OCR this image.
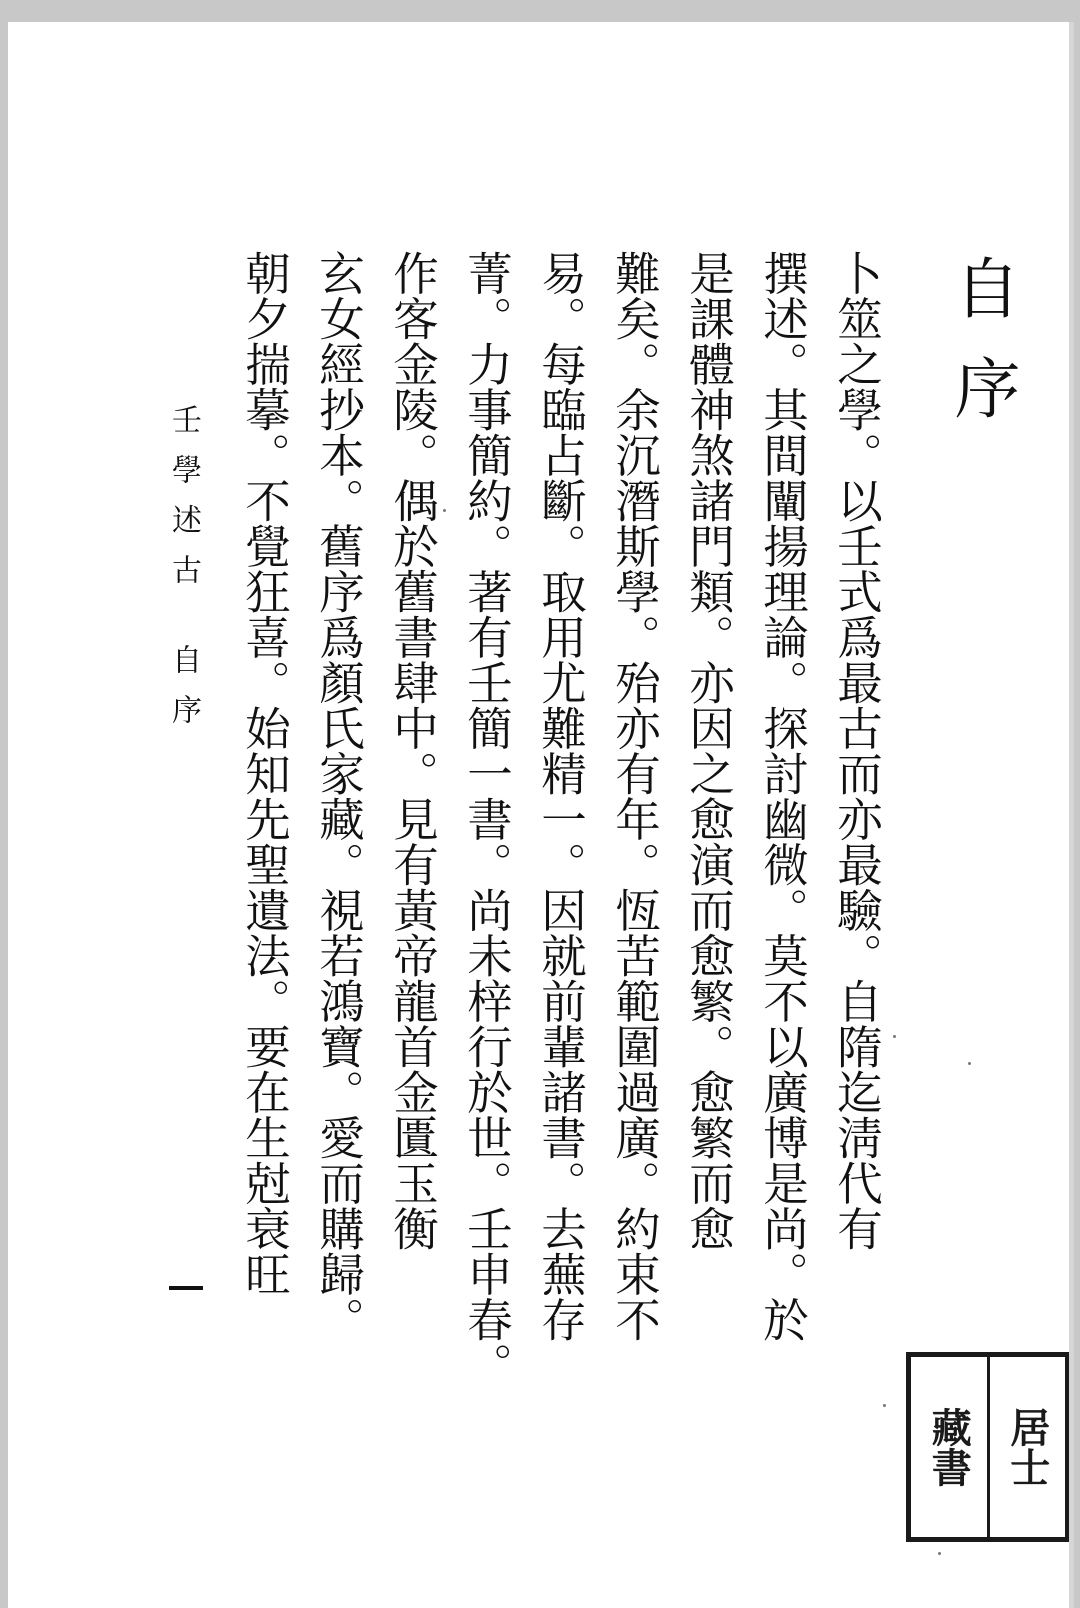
自序
卜筮之學。以壬式爲最古而亦最驗。自隋迄淸代有
撰述。其間闡揚理論。探討幽微。莫不以廣博是尚。於
是課體神煞諸門類。亦因之愈演而愈繁。愈繁而愈
難矣。余沉潛斯學。殆亦有年。恆苦範圍過廣。約束不
易。每臨占斷。取用尤難精一。因就前輩諸書。去蕪存
菁。力事簡約。著有壬簡一書。尚未梓行於世。壬申春。
作客金陵。偶於舊書肆中。見有黃帝龍首金匱玉衡
玄女經抄本。舊序爲顏氏家藏。視若鴻寶。愛而購歸。
朝夕揣摹。不覺狂喜。始知先聖遺法。要在生尅衰旺
壬學述古自序
藏書 居士
